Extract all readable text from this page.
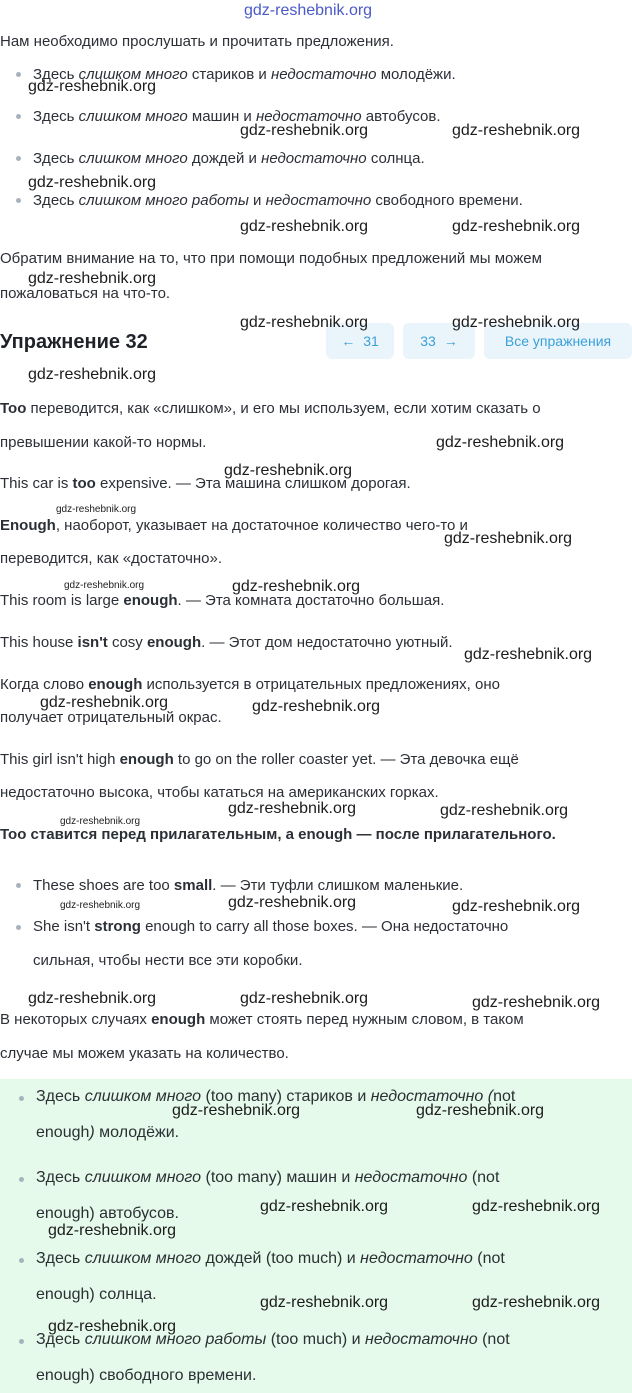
gdz-reshebnik.org
Нам необходимо прослушать и прочитать предложения.
Здесь слишком много стариков и недостаточно молодёжи.
Здесь слишком много машин и недостаточно автобусов.
Здесь слишком много дождей и недостаточно солнца.
Здесь слишком много работы и недостаточно свободного времени.
Обратим внимание на то, что при помощи подобных предложений мы можем
пожаловаться на что-то.
Упражнение 32	← 31	33 →	Все упражнения
Too переводится, как «слишком», и его мы используем, если хотим сказать о
превышении какой-то нормы.
This car is too expensive. — Эта машина слишком дорогая.
Enough, наоборот, указывает на достаточное количество чего-то и
переводится, как «достаточно».
This room is large enough. — Эта комната достаточно большая.
This house isn't cosy enough. — Этот дом недостаточно уютный.
Когда слово enough используется в отрицательных предложениях, оно
получает отрицательный окрас.
This girl isn't high enough to go on the roller coaster yet. — Эта девочка ещё
недостаточно высока, чтобы кататься на американских горках.
Too ставится перед прилагательным, а enough — после прилагательного.
These shoes are too small. — Эти туфли слишком маленькие.
She isn't strong enough to carry all those boxes. — Она недостаточно
сильная, чтобы нести все эти коробки.
В некоторых случаях enough может стоять перед нужным словом, в таком
случае мы можем указать на количество.
Здесь слишком много (too many) стариков и недостаточно (not
enough) молодёжи.
Здесь слишком много (too many) машин и недостаточно (not
enough) автобусов.
Здесь слишком много дождей (too much) и недостаточно (not
enough) солнца.
Здесь слишком много работы (too much) и недостаточно (not
enough) свободного времени.
gdz-reshebnik.org
gdz-reshebnik.org	gdz-reshebnik.org
gdz-reshebnik.org
gdz-reshebnik.org	gdz-reshebnik.org
gdz-reshebnik.org
gdz-reshebnik.org	gdz-reshebnik.org
gdz-reshebnik.org
gdz-reshebnik.org
gdz-reshebnik.org
gdz-reshebnik.org
gdz-reshebnik.org
gdz-reshebnik.org	gdz-reshebnik.org
gdz-reshebnik.org
gdz-reshebnik.org	gdz-reshebnik.org
gdz-reshebnik.org	gdz-reshebnik.org
gdz-reshebnik.org
gdz-reshebnik.org	gdz-reshebnik.org	gdz-reshebnik.org
gdz-reshebnik.org	gdz-reshebnik.org	gdz-reshebnik.org
gdz-reshebnik.org	gdz-reshebnik.org
gdz-reshebnik.org	gdz-reshebnik.org
gdz-reshebnik.org
gdz-reshebnik.org	gdz-reshebnik.org
gdz-reshebnik.org
